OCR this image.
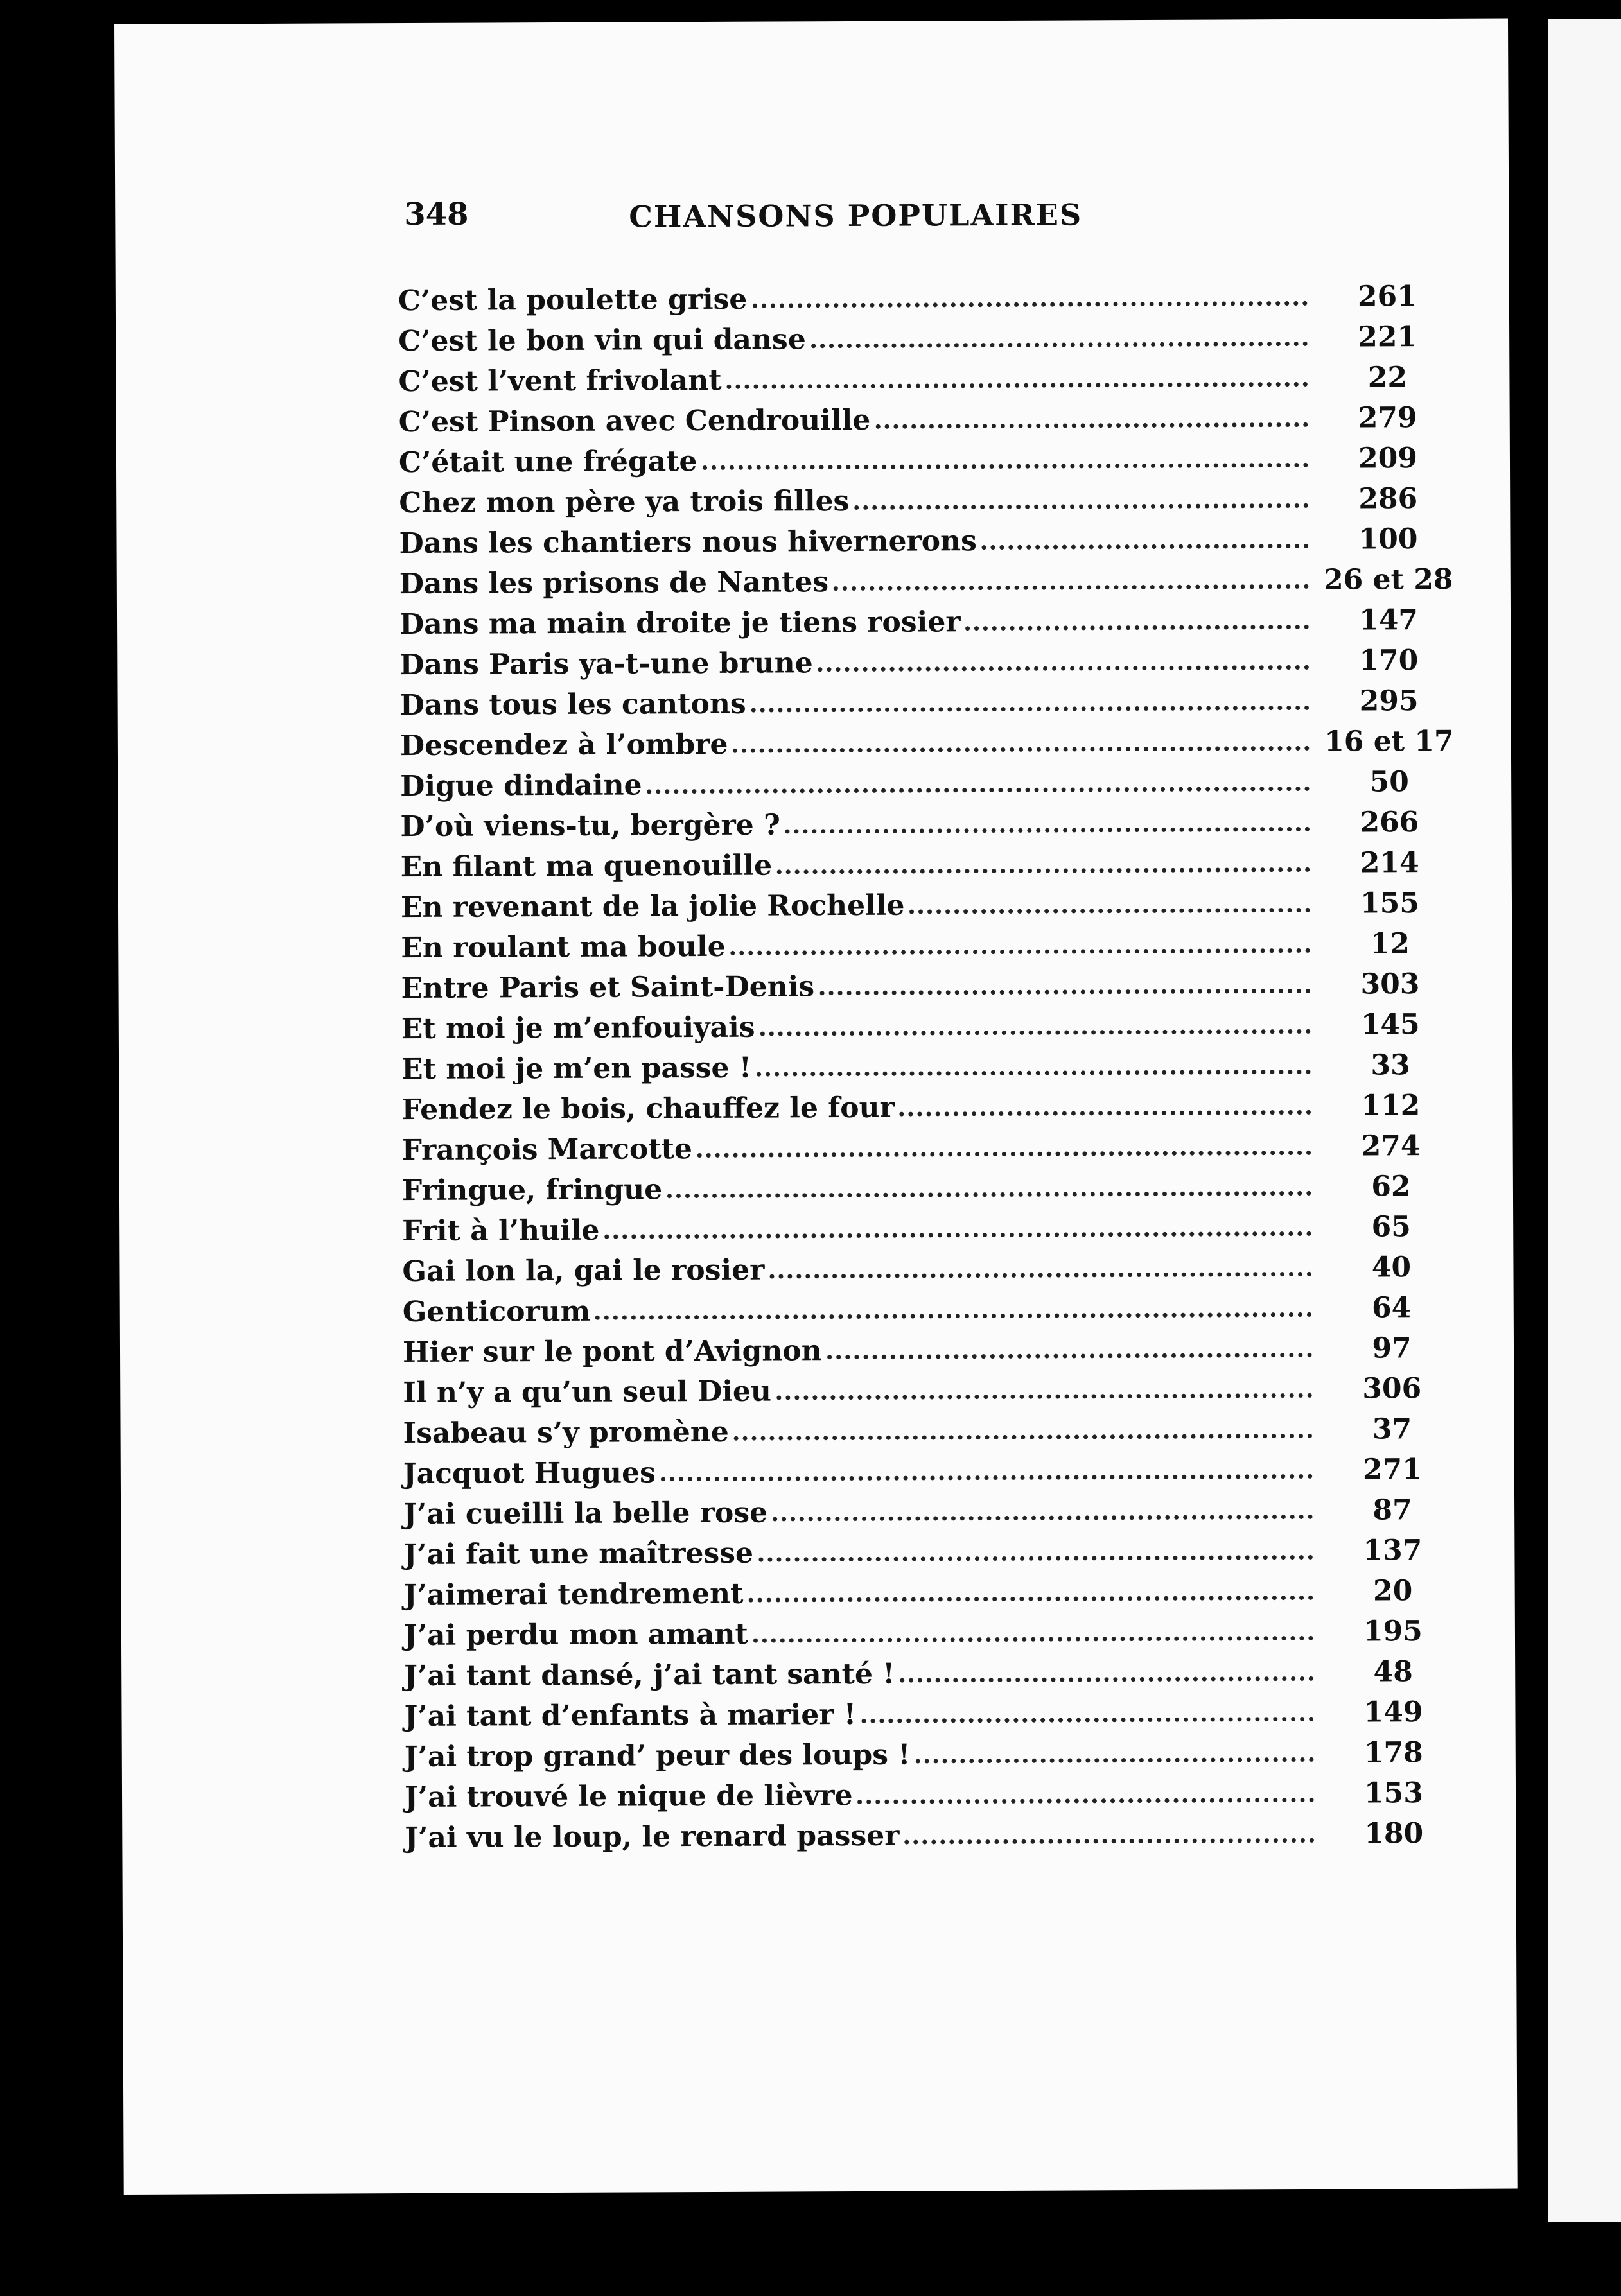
348	CHANSONS POPULAIRES
C’est la poulette grise	261
C’est le bon vin qui danse	221
C’est l’vent frivolant	22
C’est Pinson avec Cendrouille	279
C’était une frégate	209
Chez mon père ya trois filles	286
Dans les chantiers nous hivernerons	100
Dans les prisons de Nantes	26 et 28
Dans ma main droite je tiens rosier	147
Dans Paris ya-t-une brune	170
Dans tous les cantons	295
Descendez à l’ombre	16 et 17
Digue dindaine	50
D’où viens-tu, bergère ?	266
En filant ma quenouille	214
En revenant de la jolie Rochelle	155
En roulant ma boule	12
Entre Paris et Saint-Denis	303
Et moi je m’enfouiyais	145
Et moi je m’en passe !	33
Fendez le bois, chauffez le four	112
François Marcotte	274
Fringue, fringue	62
Frit à l’huile	65
Gai lon la, gai le rosier	40
Genticorum	64
Hier sur le pont d’Avignon	97
Il n’y a qu’un seul Dieu	306
Isabeau s’y promène	37
Jacquot Hugues	271
J’ai cueilli la belle rose	87
J’ai fait une maîtresse	137
J’aimerai tendrement	20
J’ai perdu mon amant	195
J’ai tant dansé, j’ai tant santé !	48
J’ai tant d’enfants à marier !	149
J’ai trop grand’ peur des loups !	178
J’ai trouvé le nique de lièvre	153
J’ai vu le loup, le renard passer	180
